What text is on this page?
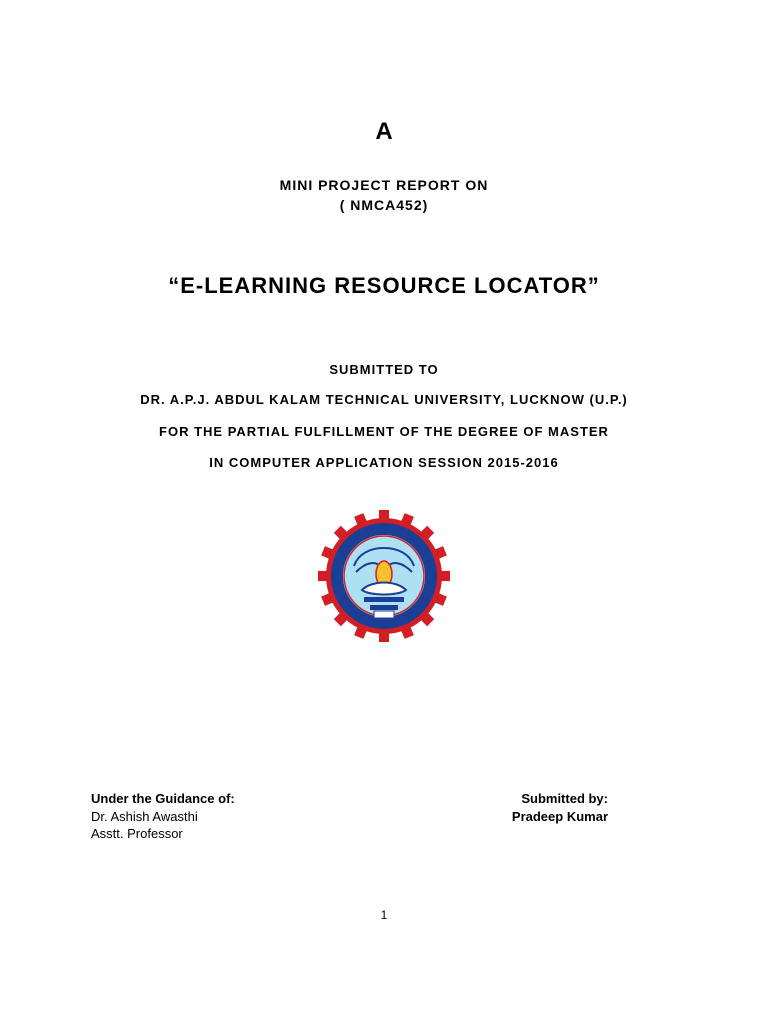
A
MINI PROJECT REPORT ON
( NMCA452)
“E-LEARNING RESOURCE LOCATOR”
SUBMITTED TO
DR. A.P.J. ABDUL KALAM TECHNICAL UNIVERSITY, LUCKNOW (U.P.)
FOR THE PARTIAL FULFILLMENT OF THE DEGREE OF MASTER
IN COMPUTER APPLICATION SESSION 2015-2016
Under the Guidance of:
Dr. Ashish Awasthi
Asstt. Professor
Submitted by:
Pradeep Kumar
1
